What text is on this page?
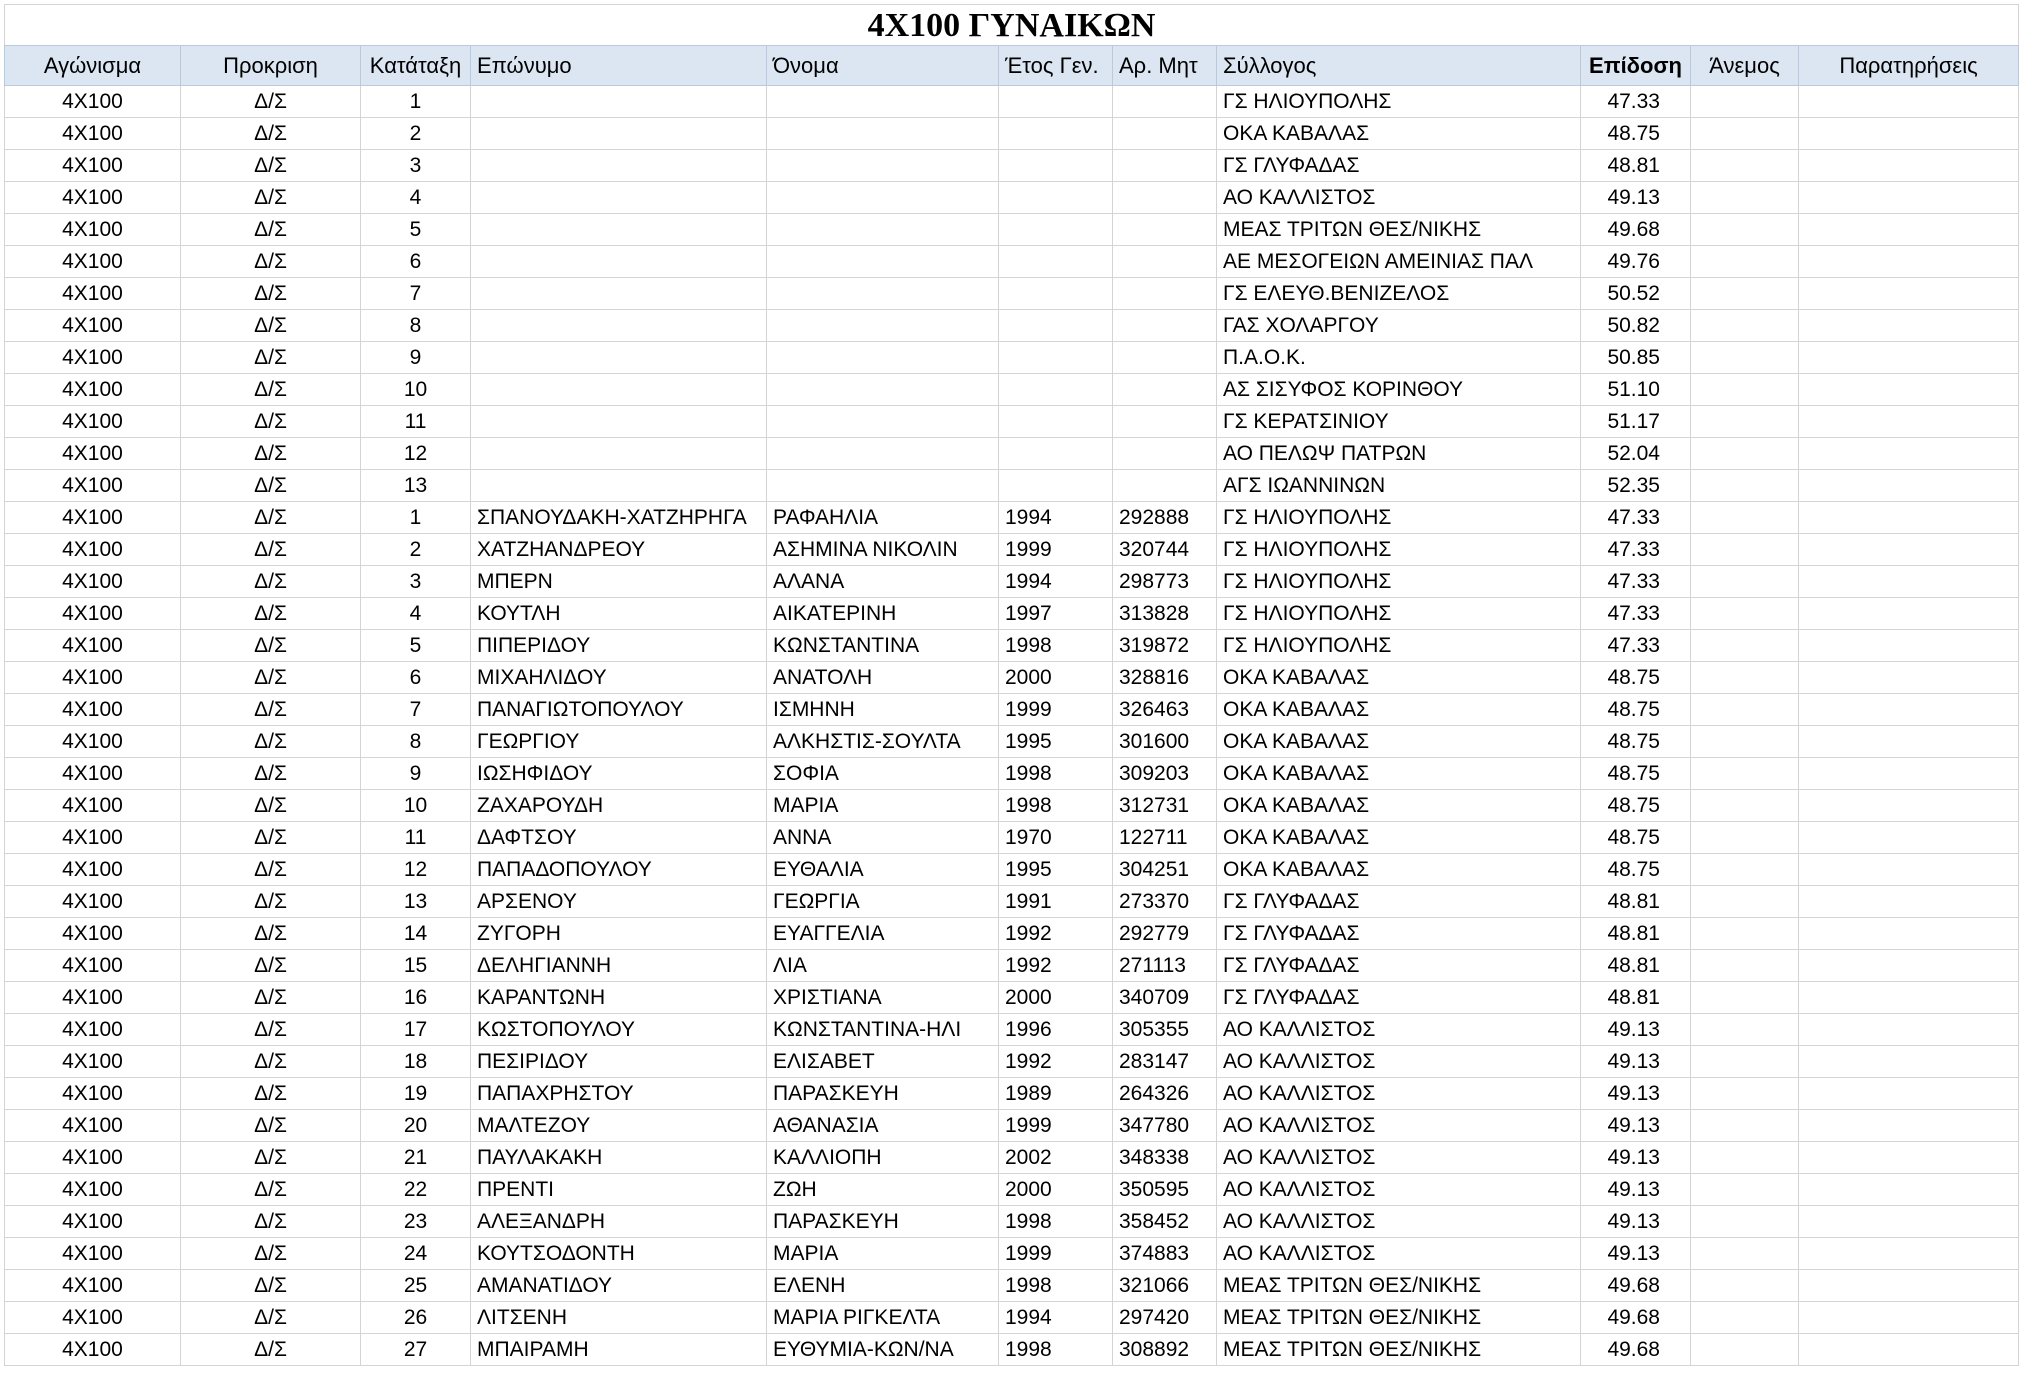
4X100 ΓΥΝΑΙΚΩΝ										
Αγώνισμα	Προκριση	Κατάταξη	Επώνυμο	Όνομα	Έτος Γεν.	Αρ. Μητ	Σύλλογος	Επίδοση	Άνεμος	Παρατηρήσεις
4X100	Δ/Σ	1					ΓΣ ΗΛΙΟΥΠΟΛΗΣ	47.33		
4X100	Δ/Σ	2					ΟΚΑ ΚΑΒΑΛΑΣ	48.75		
4X100	Δ/Σ	3					ΓΣ ΓΛΥΦΑΔΑΣ	48.81		
4X100	Δ/Σ	4					ΑΟ ΚΑΛΛΙΣΤΟΣ	49.13		
4X100	Δ/Σ	5					ΜΕΑΣ ΤΡΙΤΩΝ ΘΕΣ/ΝΙΚΗΣ	49.68		
4X100	Δ/Σ	6					ΑΕ ΜΕΣΟΓΕΙΩΝ ΑΜΕΙΝΙΑΣ ΠΑΛ	49.76		
4X100	Δ/Σ	7					ΓΣ ΕΛΕΥΘ.ΒΕΝΙΖΕΛΟΣ	50.52		
4X100	Δ/Σ	8					ΓΑΣ ΧΟΛΑΡΓΟΥ	50.82		
4X100	Δ/Σ	9					Π.Α.Ο.Κ.	50.85		
4X100	Δ/Σ	10					ΑΣ ΣΙΣΥΦΟΣ ΚΟΡΙΝΘΟΥ	51.10		
4X100	Δ/Σ	11					ΓΣ ΚΕΡΑΤΣΙΝΙΟΥ	51.17		
4X100	Δ/Σ	12					ΑΟ ΠΕΛΩΨ ΠΑΤΡΩΝ	52.04		
4X100	Δ/Σ	13					ΑΓΣ ΙΩΑΝΝΙΝΩΝ	52.35		
4X100	Δ/Σ	1	ΣΠΑΝΟΥΔΑΚΗ-ΧΑΤΖΗΡΗΓΑ	ΡΑΦΑΗΛΙΑ	1994	292888	ΓΣ ΗΛΙΟΥΠΟΛΗΣ	47.33		
4X100	Δ/Σ	2	ΧΑΤΖΗΑΝΔΡΕΟΥ	ΑΣΗΜΙΝΑ ΝΙΚΟΛΙΝ	1999	320744	ΓΣ ΗΛΙΟΥΠΟΛΗΣ	47.33		
4X100	Δ/Σ	3	ΜΠΕΡΝ	ΑΛΑΝΑ	1994	298773	ΓΣ ΗΛΙΟΥΠΟΛΗΣ	47.33		
4X100	Δ/Σ	4	ΚΟΥΤΛΗ	ΑΙΚΑΤΕΡΙΝΗ	1997	313828	ΓΣ ΗΛΙΟΥΠΟΛΗΣ	47.33		
4X100	Δ/Σ	5	ΠΙΠΕΡΙΔΟΥ	ΚΩΝΣΤΑΝΤΙΝΑ	1998	319872	ΓΣ ΗΛΙΟΥΠΟΛΗΣ	47.33		
4X100	Δ/Σ	6	ΜΙΧΑΗΛΙΔΟΥ	ΑΝΑΤΟΛΗ	2000	328816	ΟΚΑ ΚΑΒΑΛΑΣ	48.75		
4X100	Δ/Σ	7	ΠΑΝΑΓΙΩΤΟΠΟΥΛΟΥ	ΙΣΜΗΝΗ	1999	326463	ΟΚΑ ΚΑΒΑΛΑΣ	48.75		
4X100	Δ/Σ	8	ΓΕΩΡΓΙΟΥ	ΑΛΚΗΣΤΙΣ-ΣΟΥΛΤΑ	1995	301600	ΟΚΑ ΚΑΒΑΛΑΣ	48.75		
4X100	Δ/Σ	9	ΙΩΣΗΦΙΔΟΥ	ΣΟΦΙΑ	1998	309203	ΟΚΑ ΚΑΒΑΛΑΣ	48.75		
4X100	Δ/Σ	10	ΖΑΧΑΡΟΥΔΗ	ΜΑΡΙΑ	1998	312731	ΟΚΑ ΚΑΒΑΛΑΣ	48.75		
4X100	Δ/Σ	11	ΔΑΦΤΣΟΥ	ΑΝΝΑ	1970	122711	ΟΚΑ ΚΑΒΑΛΑΣ	48.75		
4X100	Δ/Σ	12	ΠΑΠΑΔΟΠΟΥΛΟΥ	ΕΥΘΑΛΙΑ	1995	304251	ΟΚΑ ΚΑΒΑΛΑΣ	48.75		
4X100	Δ/Σ	13	ΑΡΣΕΝΟΥ	ΓΕΩΡΓΙΑ	1991	273370	ΓΣ ΓΛΥΦΑΔΑΣ	48.81		
4X100	Δ/Σ	14	ΖΥΓΟΡΗ	ΕΥΑΓΓΕΛΙΑ	1992	292779	ΓΣ ΓΛΥΦΑΔΑΣ	48.81		
4X100	Δ/Σ	15	ΔΕΛΗΓΙΑΝΝΗ	ΛΙΑ	1992	271113	ΓΣ ΓΛΥΦΑΔΑΣ	48.81		
4X100	Δ/Σ	16	ΚΑΡΑΝΤΩΝΗ	ΧΡΙΣΤΙΑΝΑ	2000	340709	ΓΣ ΓΛΥΦΑΔΑΣ	48.81		
4X100	Δ/Σ	17	ΚΩΣΤΟΠΟΥΛΟΥ	ΚΩΝΣΤΑΝΤΙΝΑ-ΗΛΙ	1996	305355	ΑΟ ΚΑΛΛΙΣΤΟΣ	49.13		
4X100	Δ/Σ	18	ΠΕΣΙΡΙΔΟΥ	ΕΛΙΣΑΒΕΤ	1992	283147	ΑΟ ΚΑΛΛΙΣΤΟΣ	49.13		
4X100	Δ/Σ	19	ΠΑΠΑΧΡΗΣΤΟΥ	ΠΑΡΑΣΚΕΥΗ	1989	264326	ΑΟ ΚΑΛΛΙΣΤΟΣ	49.13		
4X100	Δ/Σ	20	ΜΑΛΤΕΖΟΥ	ΑΘΑΝΑΣΙΑ	1999	347780	ΑΟ ΚΑΛΛΙΣΤΟΣ	49.13		
4X100	Δ/Σ	21	ΠΑΥΛΑΚΑΚΗ	ΚΑΛΛΙΟΠΗ	2002	348338	ΑΟ ΚΑΛΛΙΣΤΟΣ	49.13		
4X100	Δ/Σ	22	ΠΡΕΝΤΙ	ΖΩΗ	2000	350595	ΑΟ ΚΑΛΛΙΣΤΟΣ	49.13		
4X100	Δ/Σ	23	ΑΛΕΞΑΝΔΡΗ	ΠΑΡΑΣΚΕΥΗ	1998	358452	ΑΟ ΚΑΛΛΙΣΤΟΣ	49.13		
4X100	Δ/Σ	24	ΚΟΥΤΣΟΔΟΝΤΗ	ΜΑΡΙΑ	1999	374883	ΑΟ ΚΑΛΛΙΣΤΟΣ	49.13		
4X100	Δ/Σ	25	ΑΜΑΝΑΤΙΔΟΥ	ΕΛΕΝΗ	1998	321066	ΜΕΑΣ ΤΡΙΤΩΝ ΘΕΣ/ΝΙΚΗΣ	49.68		
4X100	Δ/Σ	26	ΛΙΤΣΕΝΗ	ΜΑΡΙΑ ΡΙΓΚΕΛΤΑ	1994	297420	ΜΕΑΣ ΤΡΙΤΩΝ ΘΕΣ/ΝΙΚΗΣ	49.68		
4X100	Δ/Σ	27	ΜΠΑΙΡΑΜΗ	ΕΥΘΥΜΙΑ-ΚΩΝ/ΝΑ	1998	308892	ΜΕΑΣ ΤΡΙΤΩΝ ΘΕΣ/ΝΙΚΗΣ	49.68		
